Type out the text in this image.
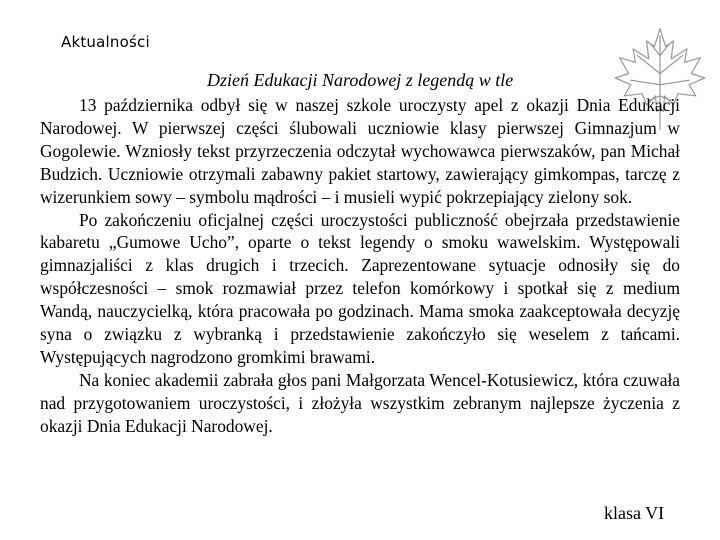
Aktualności
Dzień Edukacji Narodowej z legendą w tle

13 października odbył się w naszej szkole uroczysty apel z okazji Dnia Edukacji Narodowej. W pierwszej części ślubowali uczniowie klasy pierwszej Gimnazjum w Gogolewie. Wzniosły tekst przyrzeczenia odczytał wychowawca pierwszaków, pan Michał Budzich. Uczniowie otrzymali zabawny pakiet startowy, zawierający gimkompas, tarczę z wizerunkiem sowy – symbolu mądrości – i musieli wypić pokrzepiający zielony sok.

Po zakończeniu oficjalnej części uroczystości publiczność obejrzała przedstawienie kabaretu „Gumowe Ucho”, oparte o tekst legendy o smoku wawelskim. Występowali gimnazjaliści z klas drugich i trzecich. Zaprezentowane sytuacje odnosiły się do współczesności – smok rozmawiał przez telefon komórkowy i spotkał się z medium Wandą, nauczycielką, która pracowała po godzinach. Mama smoka zaakceptowała decyzję syna o związku z wybranką i przedstawienie zakończyło się weselem z tańcami. Występujących nagrodzono gromkimi brawami.

Na koniec akademii zabrała głos pani Małgorzata Wencel-Kotusiewicz, która czuwała nad przygotowaniem uroczystości, i złożyła wszystkim zebranym najlepsze życzenia z okazji Dnia Edukacji Narodowej.

klasa VI
